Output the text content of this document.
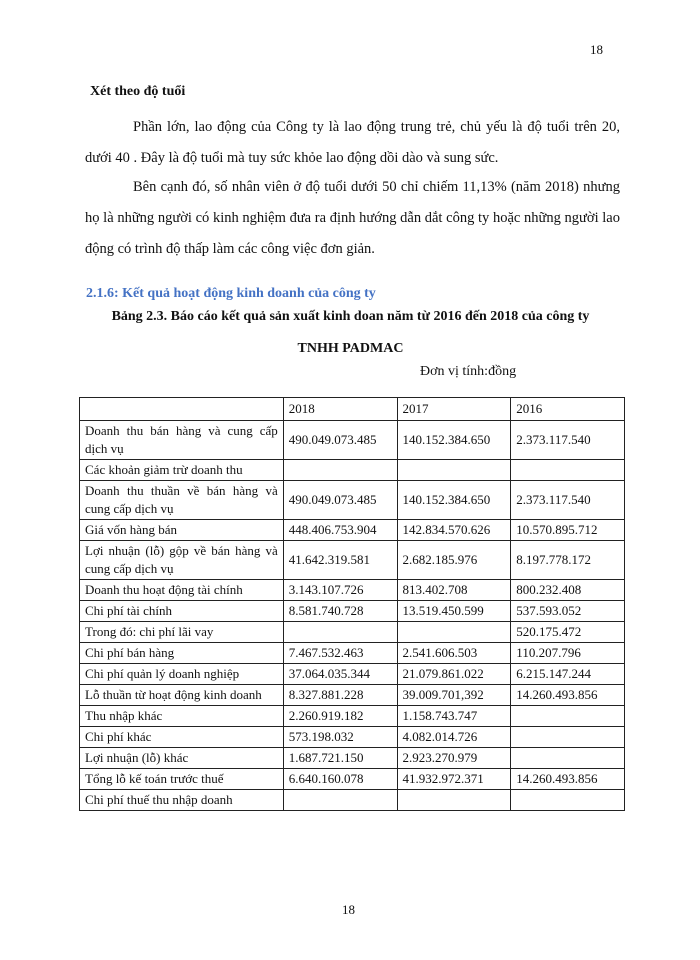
18
Xét theo độ tuổi
Phần lớn, lao động của Công ty là lao động trung trẻ, chủ yếu là độ tuổi trên 20, dưới 40 . Đây là độ tuổi mà tuy sức khỏe lao động dồi dào và sung sức.
Bên cạnh đó, số nhân viên ở độ tuổi dưới 50 chỉ chiếm 11,13% (năm 2018) nhưng họ là những người có kinh nghiệm đưa ra định hướng dẫn dắt công ty hoặc những người lao động có trình độ thấp làm các công việc đơn giản.
2.1.6: Kết quả hoạt động kinh doanh của công ty
Bảng 2.3. Báo cáo kết quả sản xuất kinh doan năm từ 2016 đến 2018 của công ty
TNHH PADMAC
Đơn vị tính:đồng
	2018	2017	2016
Doanh thu bán hàng và cung cấp dịch vụ	490.049.073.485	140.152.384.650	2.373.117.540
Các khoản giảm trừ doanh thu			
Doanh thu thuần về bán hàng và cung cấp dịch vụ	490.049.073.485	140.152.384.650	2.373.117.540
Giá vốn hàng bán	448.406.753.904	142.834.570.626	10.570.895.712
Lợi nhuận (lỗ) gộp về bán hàng và cung cấp dịch vụ	41.642.319.581	2.682.185.976	8.197.778.172
Doanh thu hoạt động tài chính	3.143.107.726	813.402.708	800.232.408
Chi phí tài chính	8.581.740.728	13.519.450.599	537.593.052
Trong đó: chi phí lãi vay			520.175.472
Chi phí bán hàng	7.467.532.463	2.541.606.503	110.207.796
Chi phí quản lý doanh nghiệp	37.064.035.344	21.079.861.022	6.215.147.244
Lỗ thuần từ hoạt động kinh doanh	8.327.881.228	39.009.701,392	14.260.493.856
Thu nhập khác	2.260.919.182	1.158.743.747	
Chi phí khác	573.198.032	4.082.014.726	
Lợi nhuận (lỗ) khác	1.687.721.150	2.923.270.979	
Tổng lỗ kế toán trước thuế	6.640.160.078	41.932.972.371	14.260.493.856
Chi phí thuế thu nhập doanh			
18
